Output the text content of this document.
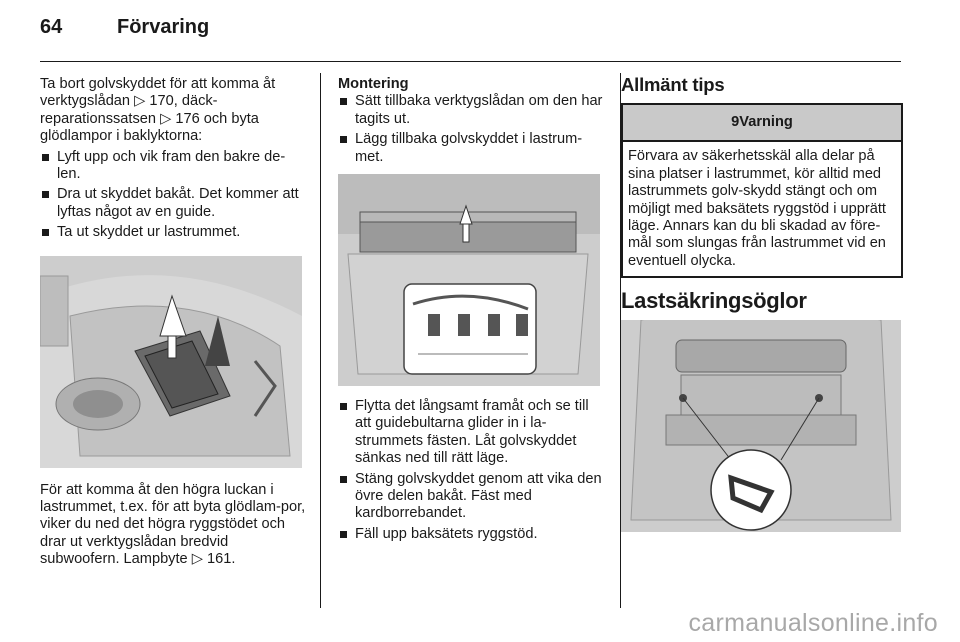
64	Förvaring

Ta bort golvskyddet för att komma åt verktygslådan ▷ 170, däck-reparationssatsen ▷ 176 och byta glödlampor i baklyktorna:

Lyft upp och vik fram den bakre de-len.
Dra ut skyddet bakåt. Det kommer att lyftas något av en guide.
Ta ut skyddet ur lastrummet.

För att komma åt den högra luckan i lastrummet, t.ex. för att byta glödlam-por, viker du ned det högra ryggstödet och drar ut verktygslådan bredvid subwoofern. Lampbyte ▷ 161.

Montering

Sätt tillbaka verktygslådan om den har tagits ut.
Lägg tillbaka golvskyddet i lastrum-met.
Flytta det långsamt framåt och se till att guidebultarna glider in i la-strummets fästen. Låt golvskyddet sänkas ned till rätt läge.
Stäng golvskyddet genom att vika den övre delen bakåt. Fäst med kardborrebandet.
Fäll upp baksätets ryggstöd.

Allmänt tips

9Varning
Förvara av säkerhetsskäl alla delar på sina platser i lastrummet, kör alltid med lastrummets golv-skydd stängt och om möjligt med baksätets ryggstöd i upprätt läge. Annars kan du bli skadad av före-mål som slungas från lastrummet vid en eventuell olycka.

Lastsäkringsöglor

carmanualsonline.info
